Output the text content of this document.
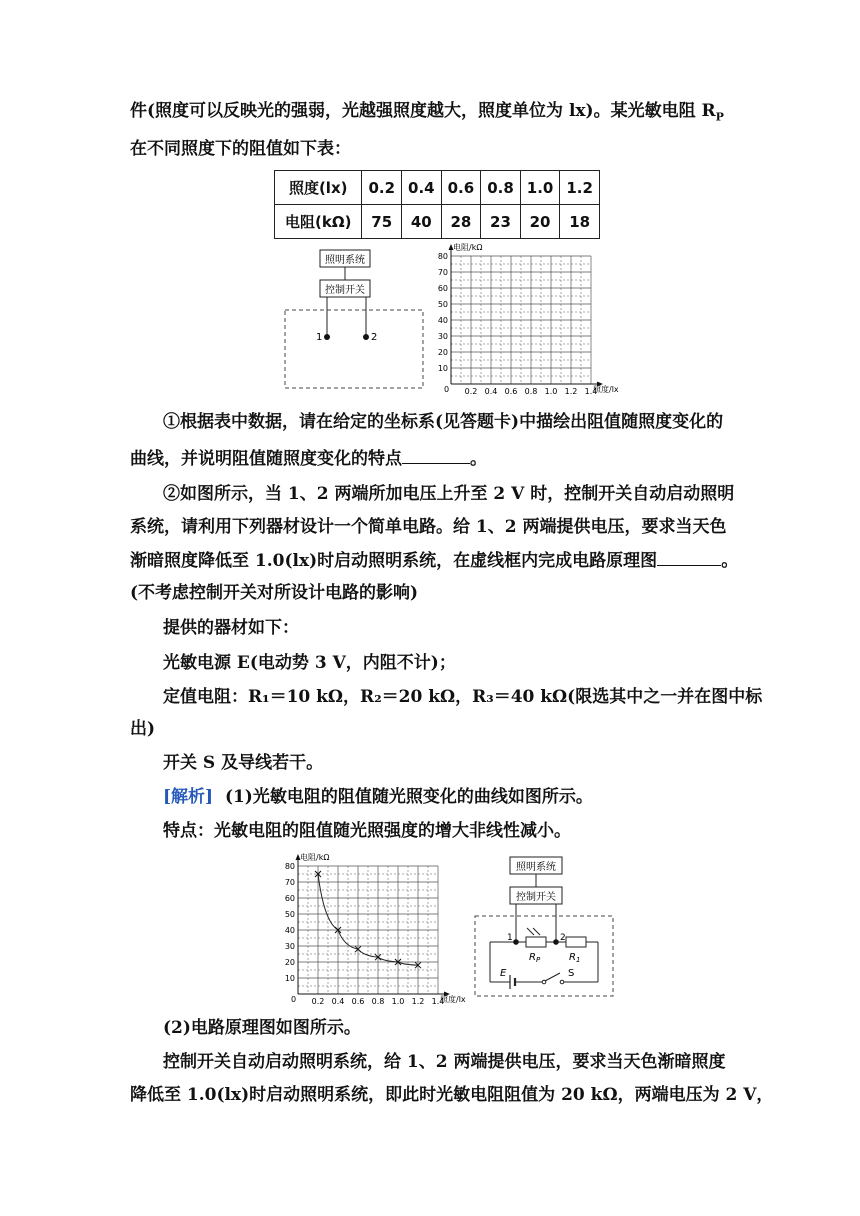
件(照度可以反映光的强弱，光越强照度越大，照度单位为 lx)。某光敏电阻 $R_P$
在不同照度下的阻值如下表：
照度(lx)	0.2	0.4	0.6	0.8	1.0	1.2
电阻(kΩ)	75	40	28	23	20	18
照明系统
控制开关
1	2
电阻/kΩ
照度/lx
0 0.2 0.4 0.6 0.8 1.0 1.2 1.4
10
20
30
40
50
60
70
80
①根据表中数据，请在给定的坐标系(见答题卡)中描绘出阻值随照度变化的
曲线，并说明阻值随照度变化的特点	。
②如图所示，当 1、2 两端所加电压上升至 2 V 时，控制开关自动启动照明
系统，请利用下列器材设计一个简单电路。给 1、2 两端提供电压，要求当天色
渐暗照度降低至 1.0(lx)时启动照明系统，在虚线框内完成电路原理图	。
(不考虑控制开关对所设计电路的影响)
提供的器材如下：
光敏电源 E(电动势 3 V，内阻不计)；
定值电阻：R₁＝10 kΩ，R₂＝20 kΩ，R₃＝40 kΩ(限选其中之一并在图中标
出)
开关 S 及导线若干。
[解析] (1)光敏电阻的阻值随光照变化的曲线如图所示。
特点：光敏电阻的阻值随光照强度的增大非线性减小。
电阻/kΩ
照度/lx
0 0.2 0.4 0.6 0.8 1.0 1.2 1.4
10
20
30
40
50
60
70
80	照明系统
控制开关
1	2
$R_P$	$R_1$
E	S
(2)电路原理图如图所示。
控制开关自动启动照明系统，给 1、2 两端提供电压，要求当天色渐暗照度
降低至 1.0(lx)时启动照明系统，即此时光敏电阻阻值为 20 kΩ，两端电压为 2 V，
